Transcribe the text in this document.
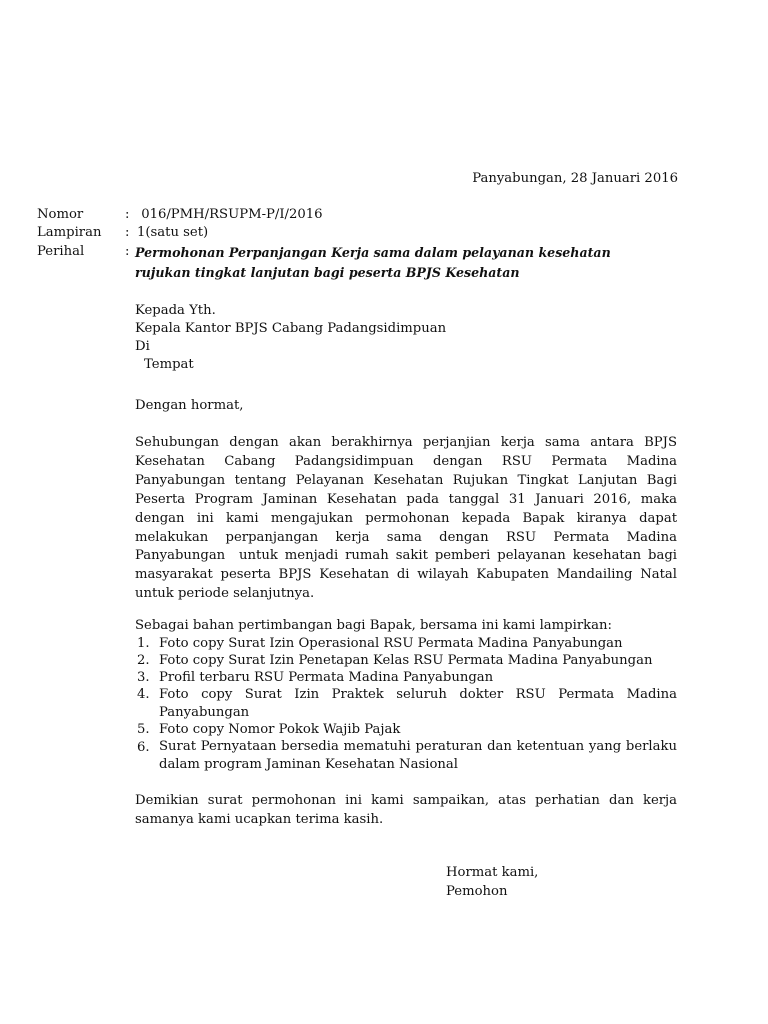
Panyabungan, 28 Januari 2016
Nomor	: 016/PMH/RSUPM-P/I/2016
Lampiran	: 1(satu set)
Perihal	: Permohonan Perpanjangan Kerja sama dalam pelayanan kesehatan
rujukan tingkat lanjutan bagi peserta BPJS Kesehatan
Kepada Yth.
Kepala Kantor BPJS Cabang Padangsidimpuan
Di
Tempat
Dengan hormat,
Sehubungan dengan akan berakhirnya perjanjian kerja sama antara BPJS Kesehatan Cabang Padangsidimpuan dengan RSU Permata Madina Panyabungan tentang Pelayanan Kesehatan Rujukan Tingkat Lanjutan Bagi Peserta Program Jaminan Kesehatan pada tanggal 31 Januari 2016, maka dengan ini kami mengajukan permohonan kepada Bapak kiranya dapat melakukan perpanjangan kerja sama dengan RSU Permata Madina Panyabungan  untuk menjadi rumah sakit pemberi pelayanan kesehatan bagi masyarakat peserta BPJS Kesehatan di wilayah Kabupaten Mandailing Natal untuk periode selanjutnya.
Sebagai bahan pertimbangan bagi Bapak, bersama ini kami lampirkan:
1. Foto copy Surat Izin Operasional RSU Permata Madina Panyabungan
2. Foto copy Surat Izin Penetapan Kelas RSU Permata Madina Panyabungan
3. Profil terbaru RSU Permata Madina Panyabungan
4. Foto copy Surat Izin Praktek seluruh dokter RSU Permata Madina Panyabungan
5. Foto copy Nomor Pokok Wajib Pajak
6. Surat Pernyataan bersedia mematuhi peraturan dan ketentuan yang berlaku dalam program Jaminan Kesehatan Nasional
Demikian surat permohonan ini kami sampaikan, atas perhatian dan kerja samanya kami ucapkan terima kasih.
Hormat kami,
Pemohon
